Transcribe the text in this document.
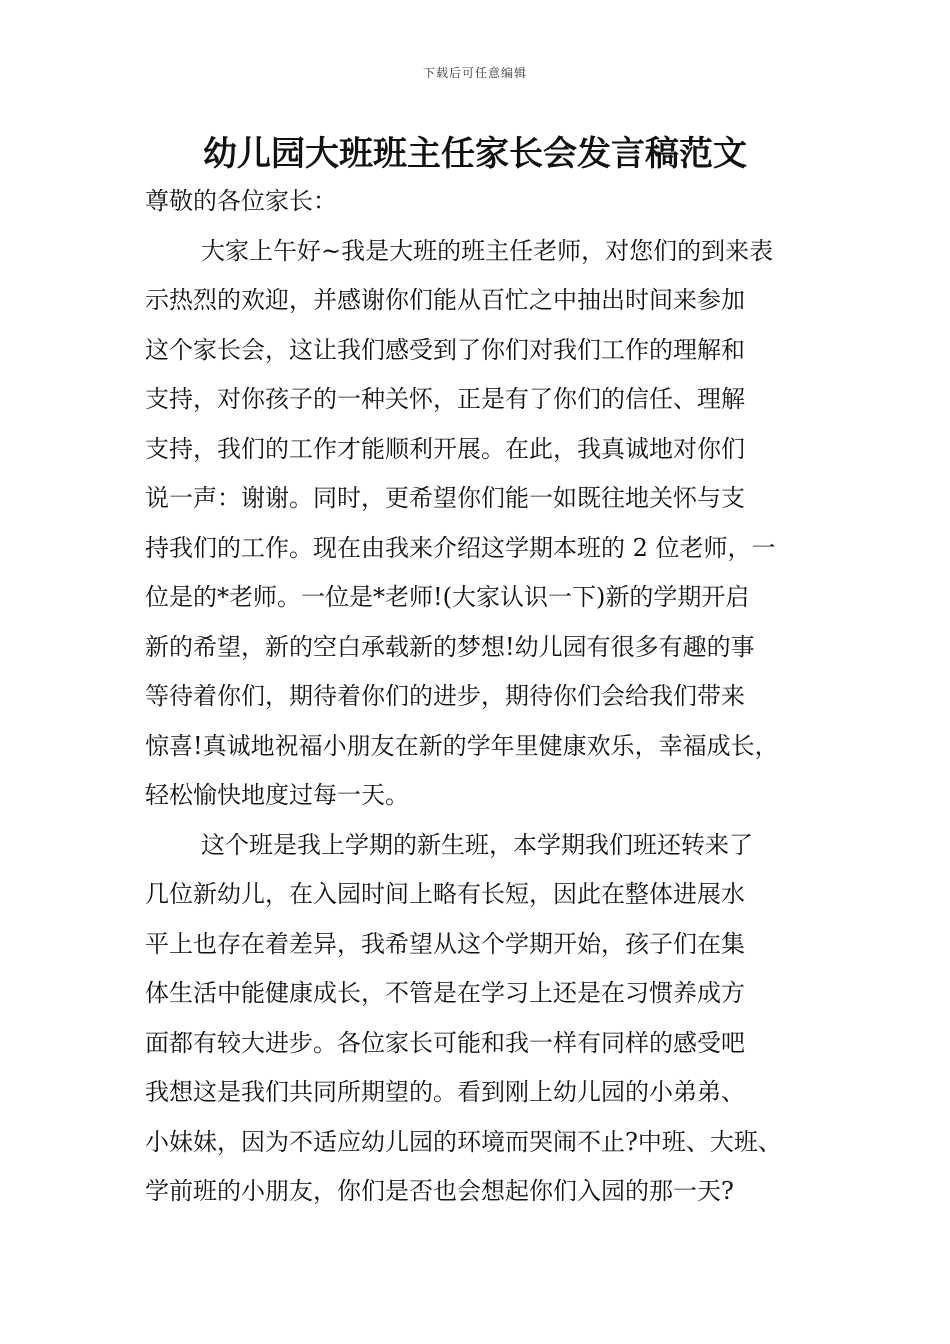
下载后可任意编辑
幼儿园大班班主任家长会发言稿范文

尊敬的各位家长：

大家上午好~我是大班的班主任老师，对您们的到来表
示热烈的欢迎，并感谢你们能从百忙之中抽出时间来参加
这个家长会，这让我们感受到了你们对我们工作的理解和
支持，对你孩子的一种关怀，正是有了你们的信任、理解
支持，我们的工作才能顺利开展。在此，我真诚地对你们
说一声：谢谢。同时，更希望你们能一如既往地关怀与支
持我们的工作。现在由我来介绍这学期本班的 2 位老师，一
位是的*老师。一位是*老师!(大家认识一下)新的学期开启
新的希望，新的空白承载新的梦想!幼儿园有很多有趣的事
等待着你们，期待着你们的进步，期待你们会给我们带来
惊喜!真诚地祝福小朋友在新的学年里健康欢乐，幸福成长，
轻松愉快地度过每一天。

这个班是我上学期的新生班，本学期我们班还转来了
几位新幼儿，在入园时间上略有长短，因此在整体进展水
平上也存在着差异，我希望从这个学期开始，孩子们在集
体生活中能健康成长，不管是在学习上还是在习惯养成方
面都有较大进步。各位家长可能和我一样有同样的感受吧
我想这是我们共同所期望的。看到刚上幼儿园的小弟弟、
小妹妹，因为不适应幼儿园的环境而哭闹不止?中班、大班、
学前班的小朋友，你们是否也会想起你们入园的那一天?
